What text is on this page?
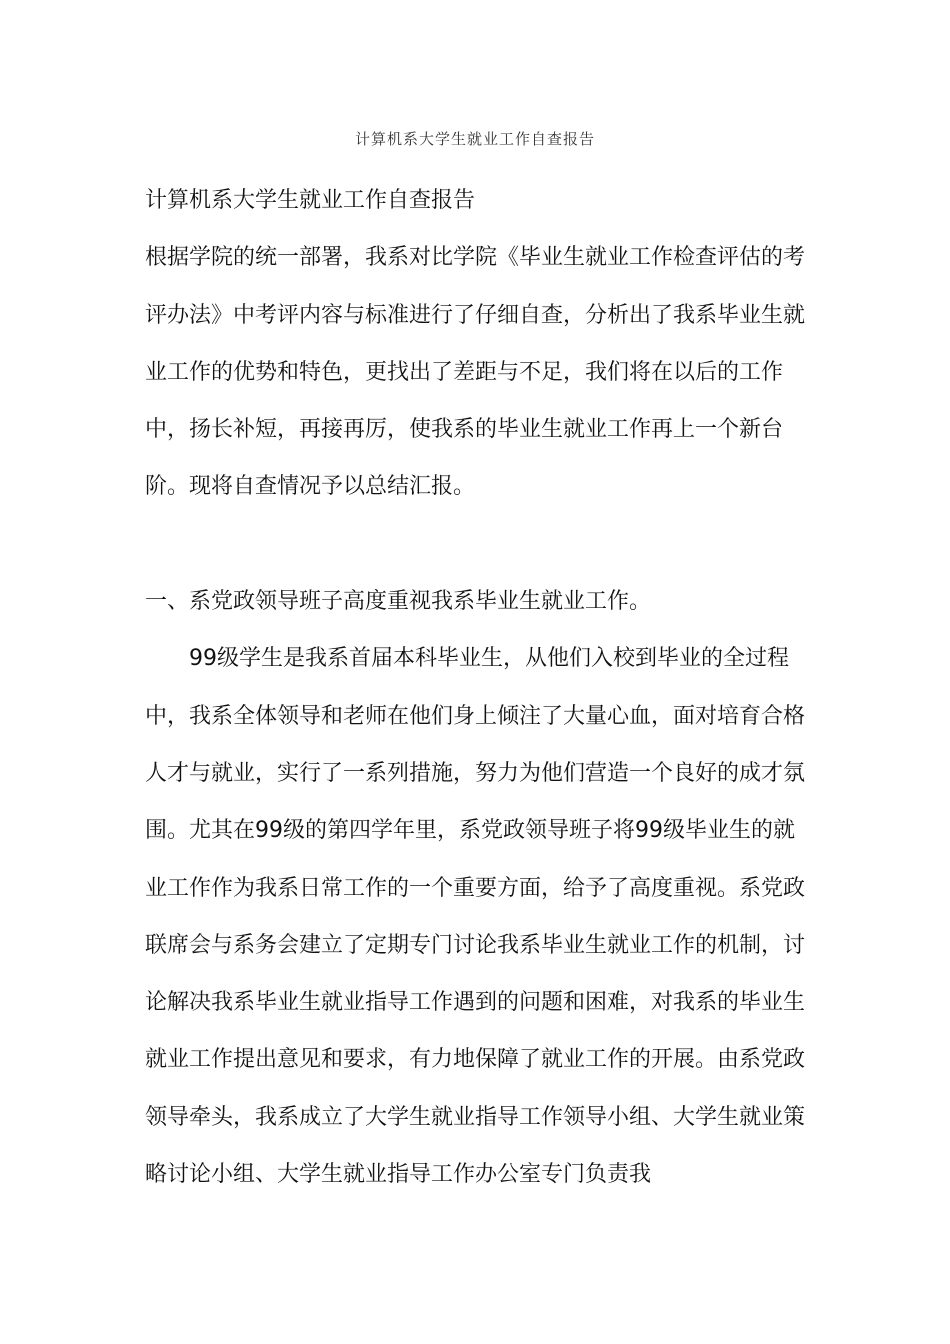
计算机系大学生就业工作自查报告

计算机系大学生就业工作自查报告

根据学院的统一部署，我系对比学院《毕业生就业工作检查评估的考评办法》中考评内容与标准进行了仔细自查，分析出了我系毕业生就业工作的优势和特色，更找出了差距与不足，我们将在以后的工作中，扬长补短，再接再厉，使我系的毕业生就业工作再上一个新台阶。现将自查情况予以总结汇报。

一、系党政领导班子高度重视我系毕业生就业工作。

99级学生是我系首届本科毕业生，从他们入校到毕业的全过程中，我系全体领导和老师在他们身上倾注了大量心血，面对培育合格人才与就业，实行了一系列措施，努力为他们营造一个良好的成才氛围。尤其在99级的第四学年里，系党政领导班子将99级毕业生的就业工作作为我系日常工作的一个重要方面，给予了高度重视。系党政联席会与系务会建立了定期专门讨论我系毕业生就业工作的机制，讨论解决我系毕业生就业指导工作遇到的问题和困难，对我系的毕业生就业工作提出意见和要求，有力地保障了就业工作的开展。由系党政领导牵头，我系成立了大学生就业指导工作领导小组、大学生就业策略讨论小组、大学生就业指导工作办公室专门负责我
